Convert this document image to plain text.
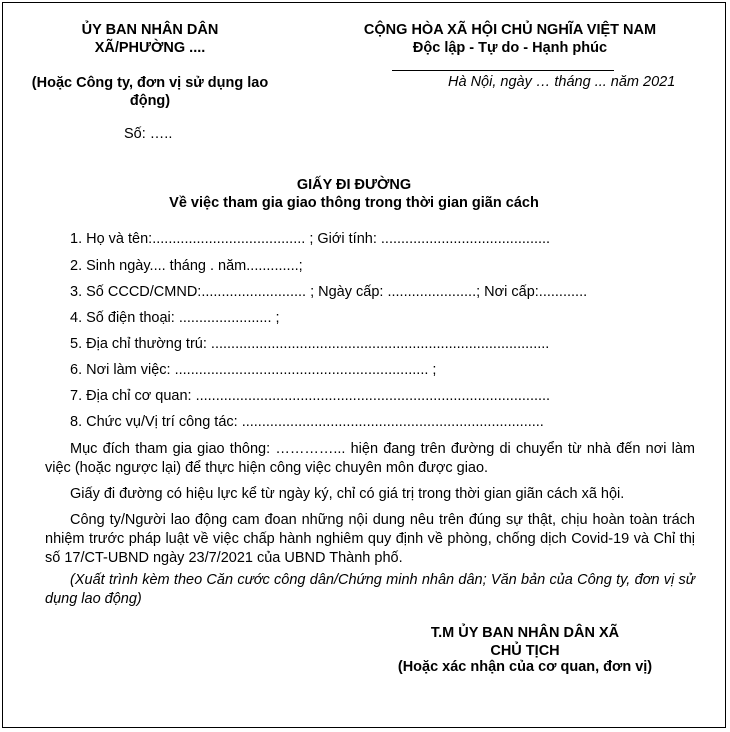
ỦY BAN NHÂN DÂN
XÃ/PHƯỜNG ....
(Hoặc Công ty, đơn vị sử dụng lao
động)
Số: …..
CỘNG HÒA XÃ HỘI CHỦ NGHĨA VIỆT NAM
Độc lập - Tự do - Hạnh phúc
Hà Nội, ngày … tháng ... năm 2021
GIẤY ĐI ĐƯỜNG
Về việc tham gia giao thông trong thời gian giãn cách
1. Họ và tên:...................................... ; Giới tính: ..........................................
2. Sinh ngày.... tháng . năm.............;
3. Số CCCD/CMND:.......................... ; Ngày cấp: ......................; Nơi cấp:............
4. Số điện thoại: ....................... ;
5. Địa chỉ thường trú: ....................................................................................
6. Nơi làm việc: ............................................................... ;
7. Địa chỉ cơ quan: ........................................................................................
8. Chức vụ/Vị trí công tác: ...........................................................................
Mục đích tham gia giao thông: …………... hiện đang trên đường di chuyển từ nhà đến nơi làm việc (hoặc ngược lại) để thực hiện công việc chuyên môn được giao.
Giấy đi đường có hiệu lực kể từ ngày ký, chỉ có giá trị trong thời gian giãn cách xã hội.
Công ty/Người lao động cam đoan những nội dung nêu trên đúng sự thật, chịu hoàn toàn trách nhiệm trước pháp luật về việc chấp hành nghiêm quy định về phòng, chống dịch Covid-19 và Chỉ thị số 17/CT-UBND ngày 23/7/2021 của UBND Thành phố.
(Xuất trình kèm theo Căn cước công dân/Chứng minh nhân dân; Văn bản của Công ty, đơn vị sử dụng lao động)
T.M ỦY BAN NHÂN DÂN XÃ
CHỦ TỊCH
(Hoặc xác nhận của cơ quan, đơn vị)
